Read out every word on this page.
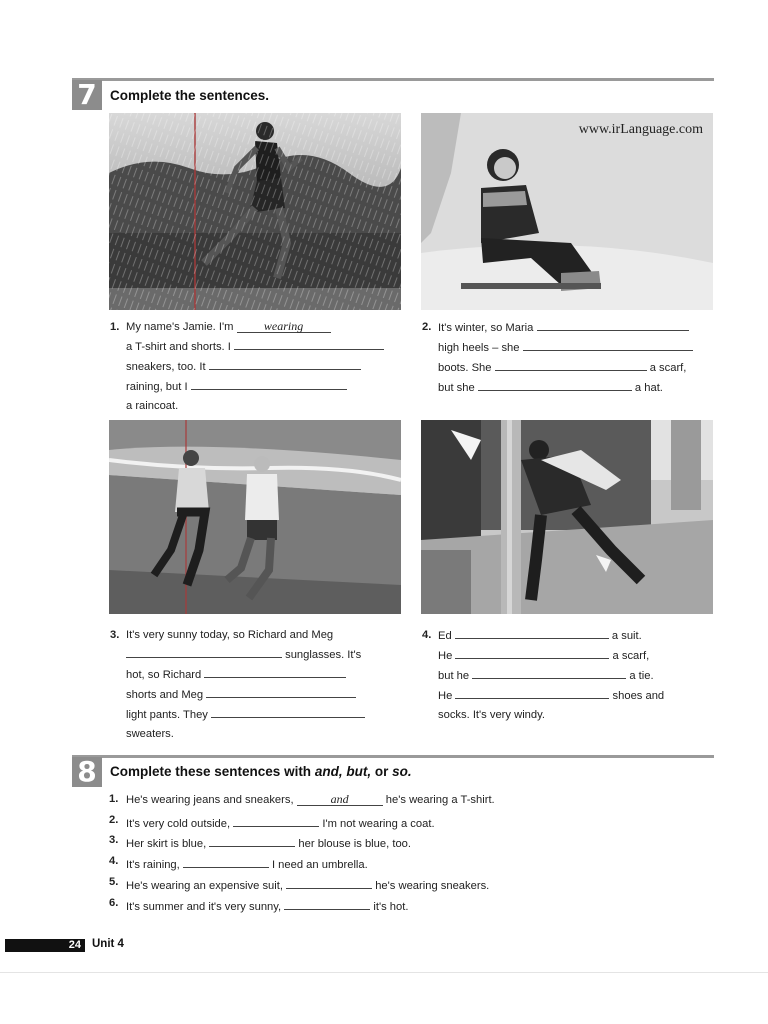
7 Complete the sentences.
www.irLanguage.com
1. My name's Jamie. I'm	wearing
a T-shirt and shorts. I
sneakers, too. It
raining, but I
a raincoat.
2. It's winter, so Maria
high heels – she
boots. She	a scarf,
but she	a hat.
3. It's very sunny today, so Richard and Meg
sunglasses. It's
hot, so Richard
shorts and Meg
light pants. They
sweaters.
4. Ed	a suit.
He	a scarf,
but he	a tie.
He	shoes and
socks. It's very windy.
8 Complete these sentences with and, but, or so.
1. He's wearing jeans and sneakers,	and	he's wearing a T-shirt.
2. It's very cold outside,	I'm not wearing a coat.
3. Her skirt is blue,	her blouse is blue, too.
4. It's raining,	I need an umbrella.
5. He's wearing an expensive suit,	he's wearing sneakers.
6. It's summer and it's very sunny,	it's hot.
24 Unit 4
